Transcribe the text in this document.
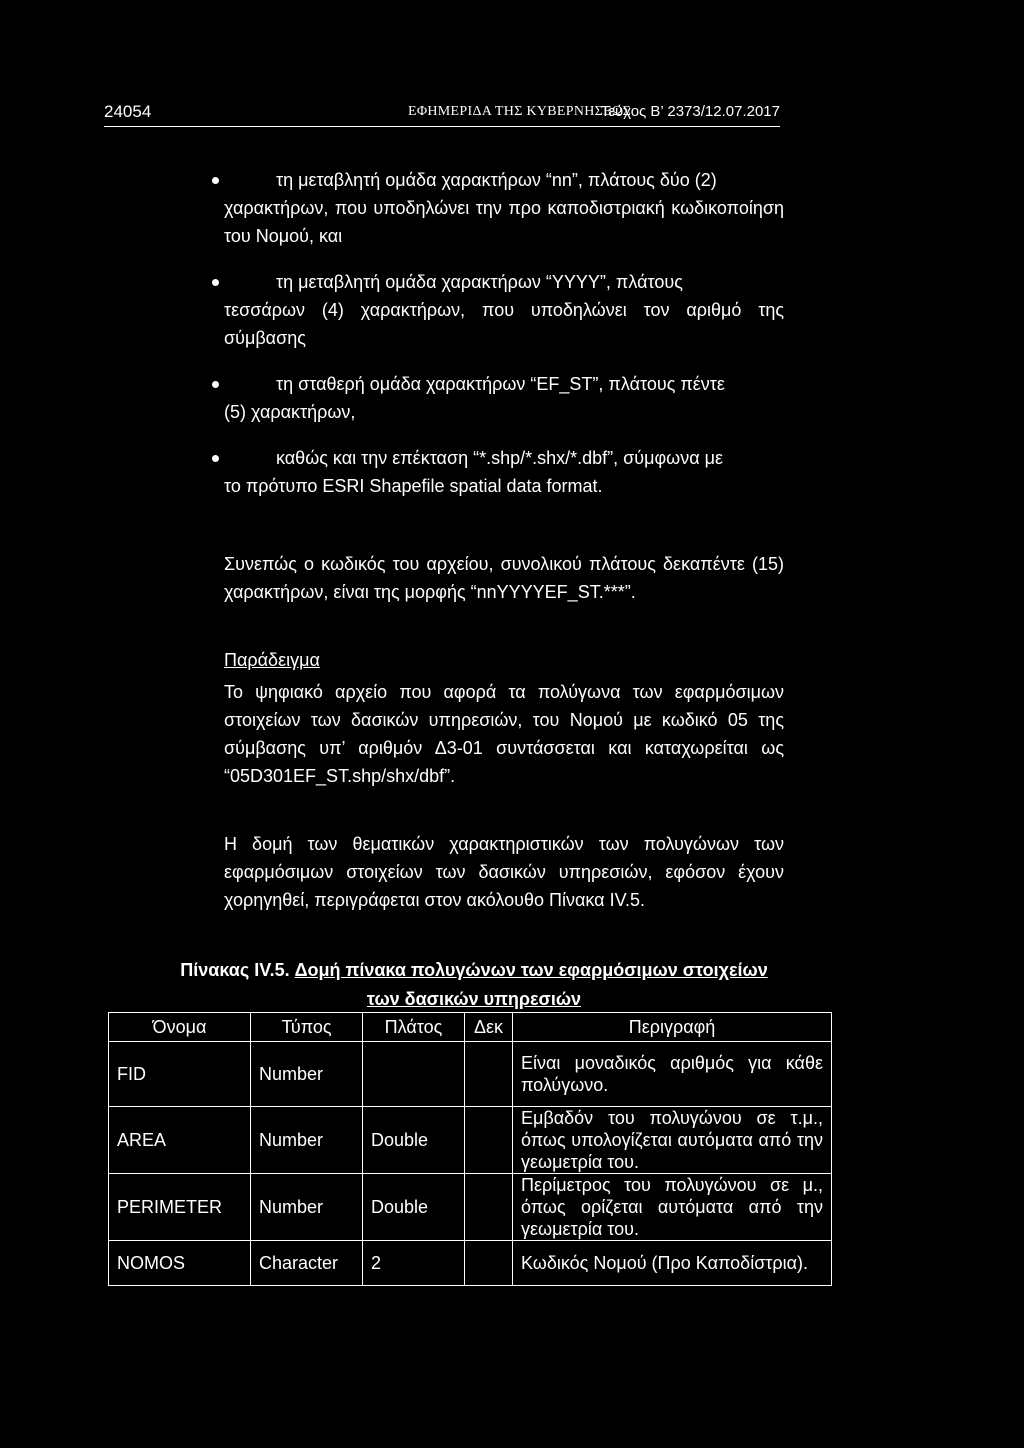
24054	ΕΦΗΜΕΡΙΔΑ ΤΗΣ ΚΥΒΕΡΝΗΣΕΩΣ
Τεύχος Β’ 2373/12.07.2017

τη μεταβλητή ομάδα χαρακτήρων “nn”, πλάτους δύο (2)

χαρακτήρων, που υποδηλώνει την προ καποδιστριακή κωδικοποίηση του Νομού, και

τη μεταβλητή ομάδα χαρακτήρων “YYYY”, πλάτους

τεσσάρων (4) χαρακτήρων, που υποδηλώνει τον αριθμό της σύμβασης

τη σταθερή ομάδα χαρακτήρων “EF_ST”, πλάτους πέντε

(5) χαρακτήρων,

καθώς και την επέκταση “*.shp/*.shx/*.dbf”, σύμφωνα με

το πρότυπο ESRI Shapefile spatial data format.

Συνεπώς ο κωδικός του αρχείου, συνολικού πλάτους δεκαπέντε (15) χαρακτήρων, είναι της μορφής “nnYYYYEF_ST.***”.

Παράδειγμα

Το ψηφιακό αρχείο που αφορά τα πολύγωνα των εφαρμόσιμων στοιχείων των δασικών υπηρεσιών, του Νομού με κωδικό 05 της σύμβασης υπ’ αριθμόν Δ3-01 συντάσσεται και καταχωρείται ως “05D301EF_ST.shp/shx/dbf”.

Η δομή των θεματικών χαρακτηριστικών των πολυγώνων των εφαρμόσιμων στοιχείων των δασικών υπηρεσιών, εφόσον έχουν χορηγηθεί, περιγράφεται στον ακόλουθο Πίνακα IV.5.

Πίνακας IV.5. Δομή πίνακα πολυγώνων των εφαρμόσιμων στοιχείων
των δασικών υπηρεσιών
Όνομα	Τύπος	Πλάτος	Δεκ	Περιγραφή
FID	Number			Είναι μοναδικός αριθμός για κάθε πολύγωνο.
AREA	Number	Double		Εμβαδόν του πολυγώνου σε τ.μ., όπως υπολογίζεται αυτόματα από την γεωμετρία του.
PERIMETER	Number	Double		Περίμετρος του πολυγώνου σε μ., όπως ορίζεται αυτόματα από την γεωμετρία του.
NOMOS	Character	2		Κωδικός Νομού (Προ Καποδίστρια).
